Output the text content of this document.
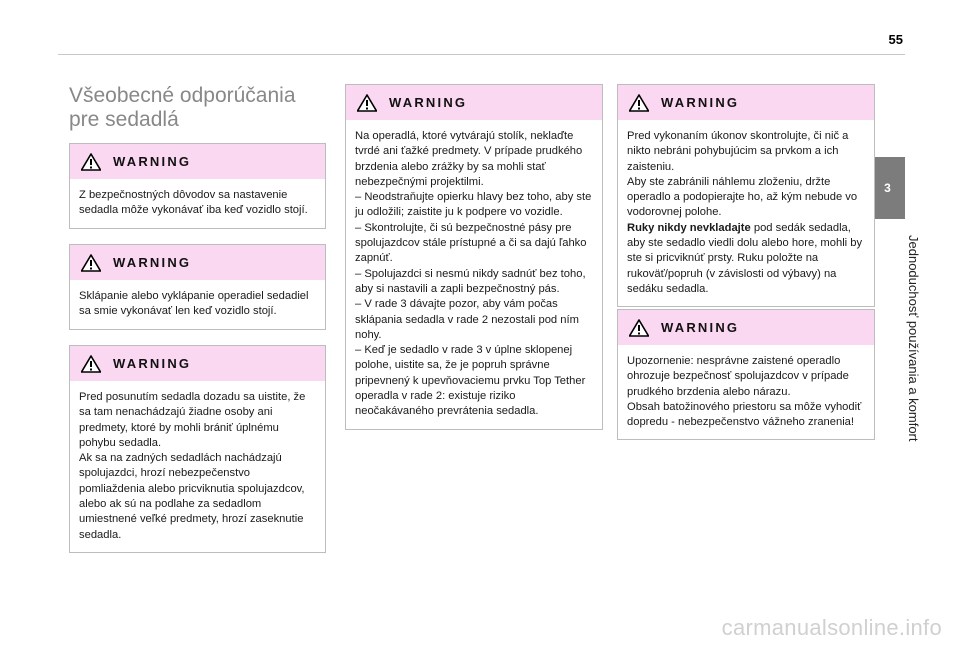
55
3
Jednoduchosť používania a komfort
Všeobecné odporúčania
pre sedadlá
WARNING

Z bezpečnostných dôvodov sa nastavenie sedadla môže vykonávať iba keď vozidlo stojí.

WARNING

Sklápanie alebo vyklápanie operadiel sedadiel sa smie vykonávať len keď vozidlo stojí.

WARNING

Pred posunutím sedadla dozadu sa uistite, že sa tam nenachádzajú žiadne osoby ani predmety, ktoré by mohli brániť úplnému pohybu sedadla.

Ak sa na zadných sedadlách nachádzajú spolujazdci, hrozí nebezpečenstvo pomliaždenia alebo pricviknutia spolujazdcov, alebo ak sú na podlahe za sedadlom umiestnené veľké predmety, hrozí zaseknutie sedadla.

WARNING

Na operadlá, ktoré vytvárajú stolík, neklaďte tvrdé ani ťažké predmety. V prípade prudkého brzdenia alebo zrážky by sa mohli stať nebezpečnými projektilmi.

– Neodstraňujte opierku hlavy bez toho, aby ste ju odložili; zaistite ju k podpere vo vozidle.

– Skontrolujte, či sú bezpečnostné pásy pre spolujazdcov stále prístupné a či sa dajú ľahko zapnúť.

– Spolujazdci si nesmú nikdy sadnúť bez toho, aby si nastavili a zapli bezpečnostný pás.

– V rade 3 dávajte pozor, aby vám počas sklápania sedadla v rade 2 nezostali pod ním nohy.

– Keď je sedadlo v rade 3 v úplne sklopenej polohe, uistite sa, že je popruh správne pripevnený k upevňovaciemu prvku Top Tether operadla v rade 2: existuje riziko neočakávaného prevrátenia sedadla.

WARNING

Pred vykonaním úkonov skontrolujte, či nič a nikto nebráni pohybujúcim sa prvkom a ich zaisteniu.

Aby ste zabránili náhlemu zloženiu, držte operadlo a podopierajte ho, až kým nebude vo vodorovnej polohe.

Ruky nikdy nevkladajte pod sedák sedadla, aby ste sedadlo viedli dolu alebo hore, mohli by ste si pricviknúť prsty. Ruku položte na rukoväť/popruh (v závislosti od výbavy) na sedáku sedadla.

WARNING

Upozornenie: nesprávne zaistené operadlo ohrozuje bezpečnosť spolujazdcov v prípade prudkého brzdenia alebo nárazu.

Obsah batožinového priestoru sa môže vyhodiť dopredu - nebezpečenstvo vážneho zranenia!

carmanualsonline.info
